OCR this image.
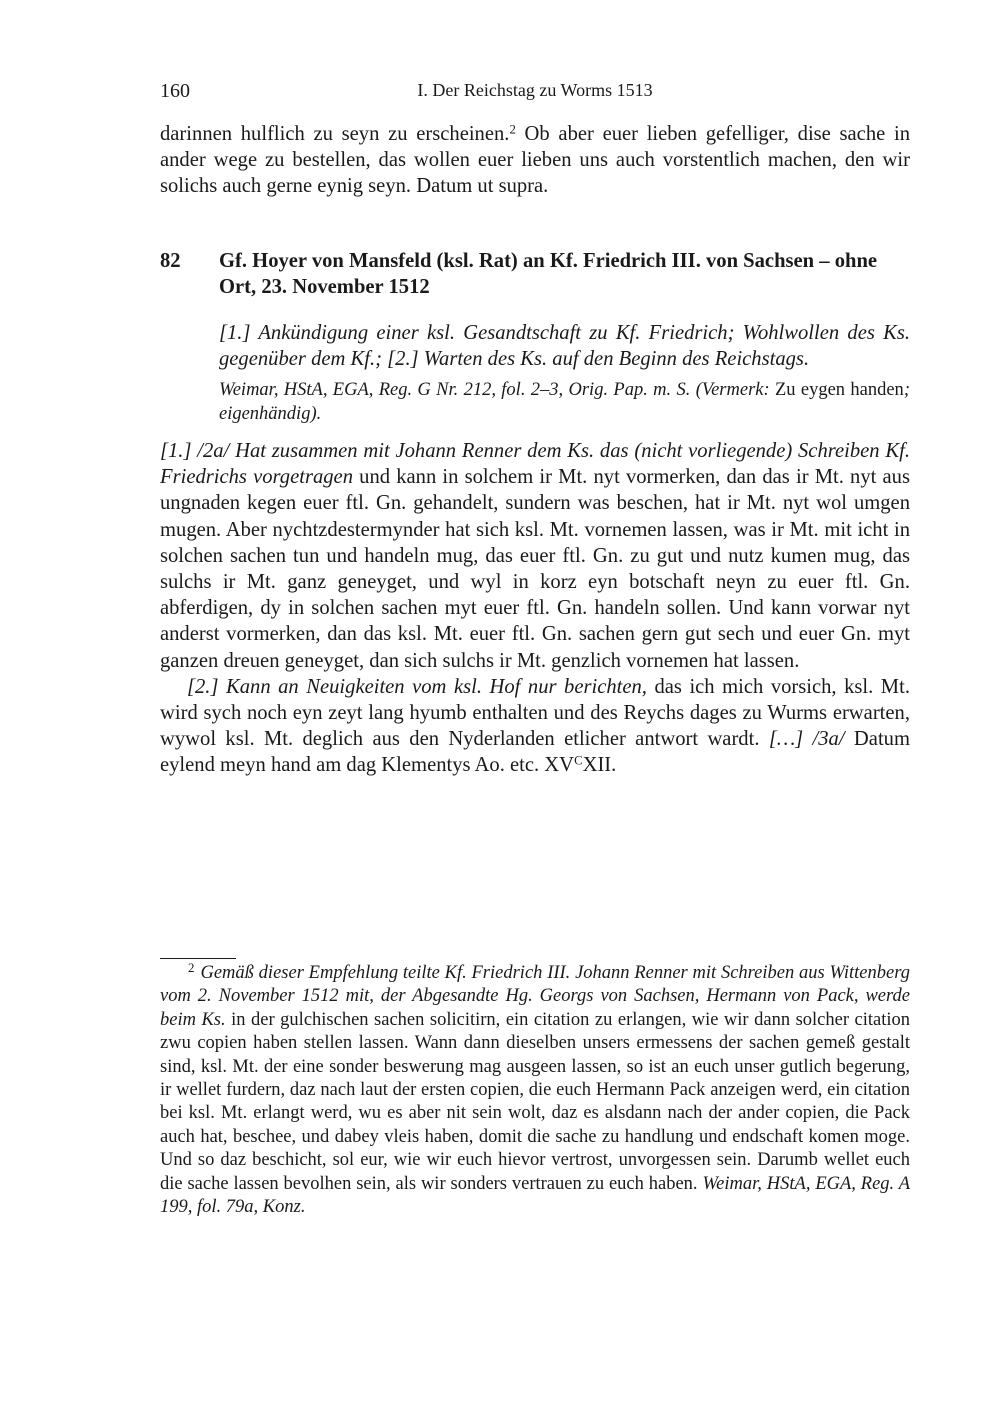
160	I. Der Reichstag zu Worms 1513

darinnen hulflich zu seyn zu erscheinen.$^2$ Ob aber euer lieben gefelliger, dise sache in ander wege zu bestellen, das wollen euer lieben uns auch vorstentlich machen, den wir solichs auch gerne eynig seyn. Datum ut supra.

82 Gf. Hoyer von Mansfeld (ksl. Rat) an Kf. Friedrich III. von Sachsen – ohne Ort, 23. November 1512

[1.] Ankündigung einer ksl. Gesandtschaft zu Kf. Friedrich; Wohlwollen des Ks. gegenüber dem Kf.; [2.] Warten des Ks. auf den Beginn des Reichstags.

Weimar, HStA, EGA, Reg. G Nr. 212, fol. 2–3, Orig. Pap. m. S. (Vermerk: Zu eygen handen; eigenhändig).

[1.] /2a/ Hat zusammen mit Johann Renner dem Ks. das (nicht vorliegende) Schreiben Kf. Friedrichs vorgetragen und kann in solchem ir Mt. nyt vormerken, dan das ir Mt. nyt aus ungnaden kegen euer ftl. Gn. gehandelt, sundern was beschen, hat ir Mt. nyt wol umgen mugen. Aber nychtzdestermynder hat sich ksl. Mt. vornemen lassen, was ir Mt. mit icht in solchen sachen tun und handeln mug, das euer ftl. Gn. zu gut und nutz kumen mug, das sulchs ir Mt. ganz geneyget, und wyl in korz eyn botschaft neyn zu euer ftl. Gn. abferdigen, dy in solchen sachen myt euer ftl. Gn. handeln sollen. Und kann vorwar nyt anderst vormerken, dan das ksl. Mt. euer ftl. Gn. sachen gern gut sech und euer Gn. myt ganzen dreuen geneyget, dan sich sulchs ir Mt. genzlich vornemen hat lassen.

[2.] Kann an Neuigkeiten vom ksl. Hof nur berichten, das ich mich vorsich, ksl. Mt. wird sych noch eyn zeyt lang hyumb enthalten und des Reychs dages zu Wurms erwarten, wywol ksl. Mt. deglich aus den Nyderlanden etlicher antwort wardt. […] /3a/ Datum eylend meyn hand am dag Klementys Ao. etc. $XV^CXII$.

$^2$ Gemäß dieser Empfehlung teilte Kf. Friedrich III. Johann Renner mit Schreiben aus Wittenberg vom 2. November 1512 mit, der Abgesandte Hg. Georgs von Sachsen, Hermann von Pack, werde beim Ks. in der gulchischen sachen solicitirn, ein citation zu erlangen, wie wir dann solcher citation zwu copien haben stellen lassen. Wann dann dieselben unsers ermessens der sachen gemeß gestalt sind, ksl. Mt. der eine sonder beswerung mag ausgeen lassen, so ist an euch unser gutlich begerung, ir wellet furdern, daz nach laut der ersten copien, die euch Hermann Pack anzeigen werd, ein citation bei ksl. Mt. erlangt werd, wu es aber nit sein wolt, daz es alsdann nach der ander copien, die Pack auch hat, beschee, und dabey vleis haben, domit die sache zu handlung und endschaft komen moge. Und so daz beschicht, sol eur, wie wir euch hievor vertrost, unvorgessen sein. Darumb wellet euch die sache lassen bevolhen sein, als wir sonders vertrauen zu euch haben. Weimar, HStA, EGA, Reg. A 199, fol. 79a, Konz.
